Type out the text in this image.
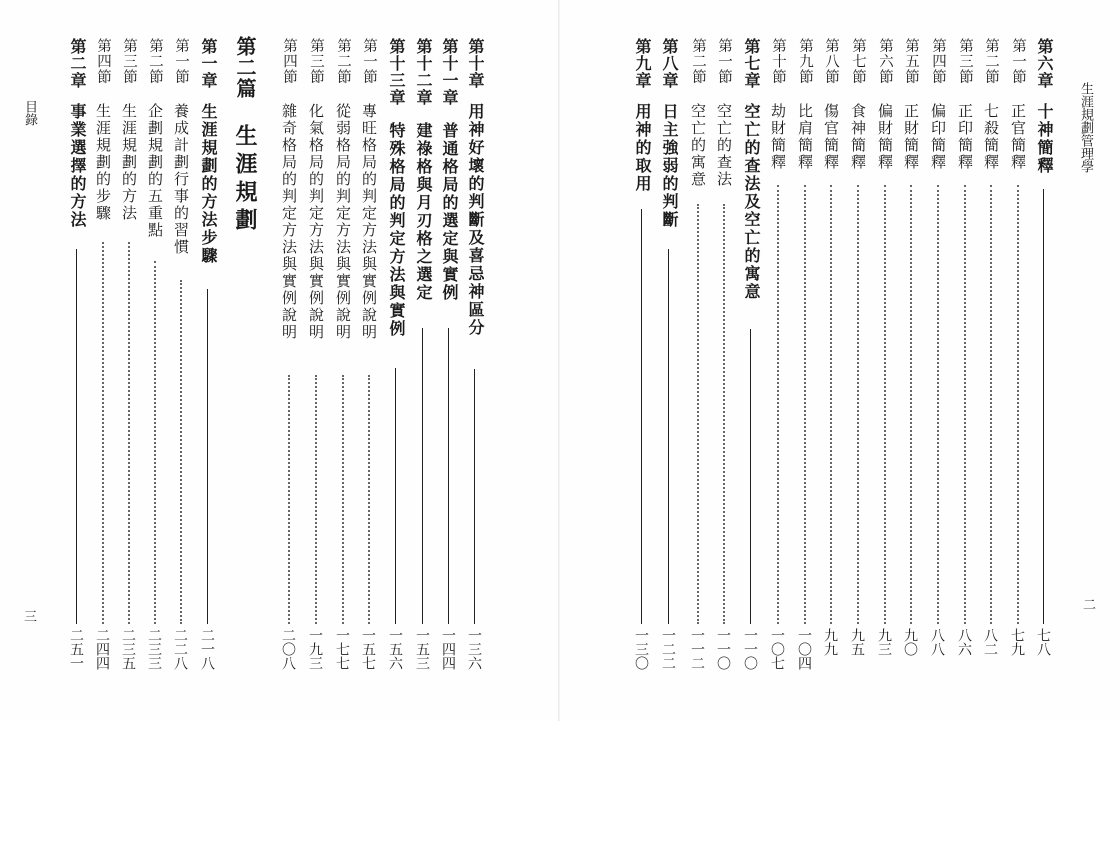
目錄
三
生涯規劃管理學
二
第十章
用神好壞的判斷及喜忌神區分
一三六
第十一章
普通格局的選定與實例
一四四
第十二章
建祿格與月刃格之選定
一五三
第十三章
特殊格局的判定方法與實例
一五六
第一節
專旺格局的判定方法與實例說明
一五七
第二節
從弱格局的判定方法與實例說明
一七七
第三節
化氣格局的判定方法與實例說明
一九三
第四節
雜奇格局的判定方法與實例說明
二〇八
第二篇
生涯規劃
第一章
生涯規劃的方法步驟
二一八
第一節
養成計劃行事的習慣
二二八
第二節
企劃規劃的五重點
二三三
第三節
生涯規劃的方法
二三五
第四節
生涯規劃的步驟
二四四
第二章
事業選擇的方法
二五一
第六章
十神簡釋
七八
第一節
正官簡釋
七九
第二節
七殺簡釋
八二
第三節
正印簡釋
八六
第四節
偏印簡釋
八八
第五節
正財簡釋
九〇
第六節
偏財簡釋
九三
第七節
食神簡釋
九五
第八節
傷官簡釋
九九
第九節
比肩簡釋
一〇四
第十節
劫財簡釋
一〇七
第七章
空亡的查法及空亡的寓意
一一〇
第一節
空亡的查法
一一〇
第二節
空亡的寓意
一一二
第八章
日主強弱的判斷
一二二
第九章
用神的取用
一三〇
